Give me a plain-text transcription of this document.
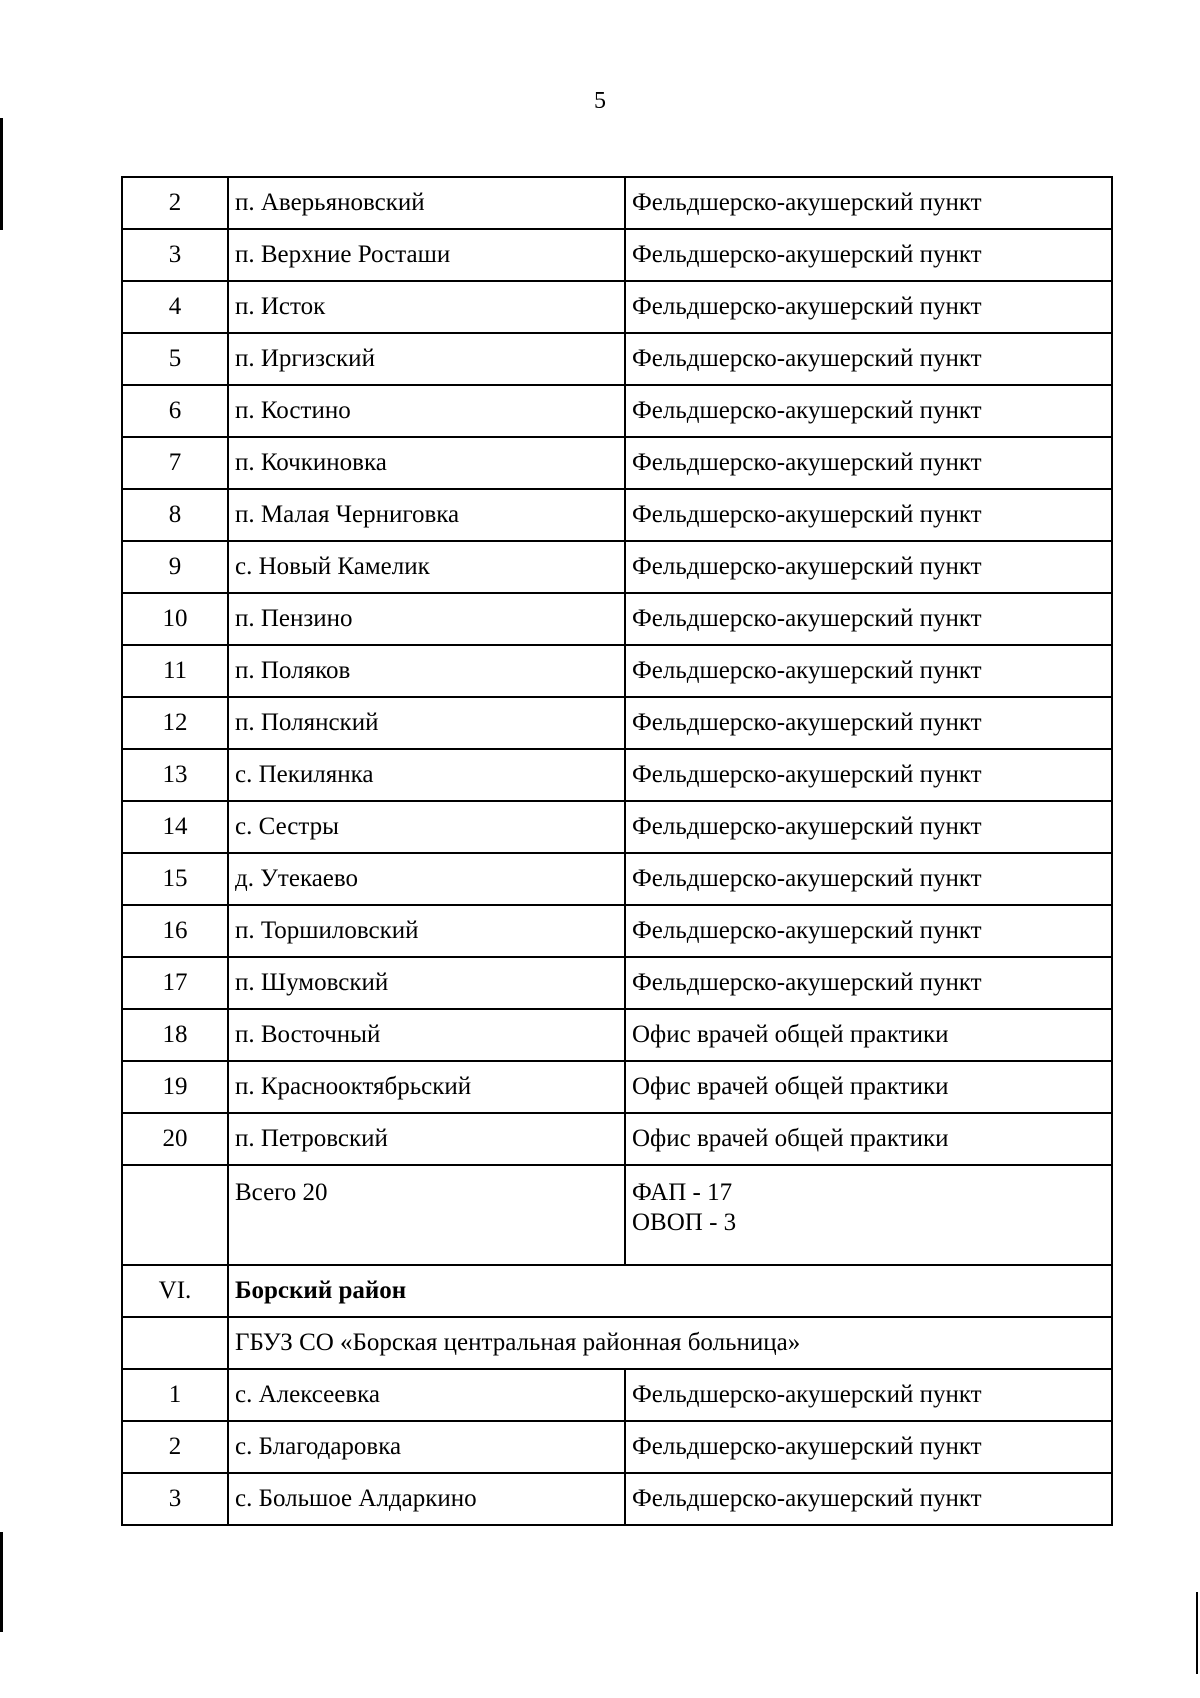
5
2	п. Аверьяновский	Фельдшерско-акушерский пункт
3	п. Верхние Росташи	Фельдшерско-акушерский пункт
4	п. Исток	Фельдшерско-акушерский пункт
5	п. Иргизский	Фельдшерско-акушерский пункт
6	п. Костино	Фельдшерско-акушерский пункт
7	п. Кочкиновка	Фельдшерско-акушерский пункт
8	п. Малая Черниговка	Фельдшерско-акушерский пункт
9	с. Новый Камелик	Фельдшерско-акушерский пункт
10	п. Пензино	Фельдшерско-акушерский пункт
11	п. Поляков	Фельдшерско-акушерский пункт
12	п. Полянский	Фельдшерско-акушерский пункт
13	с. Пекилянка	Фельдшерско-акушерский пункт
14	с. Сестры	Фельдшерско-акушерский пункт
15	д. Утекаево	Фельдшерско-акушерский пункт
16	п. Торшиловский	Фельдшерско-акушерский пункт
17	п. Шумовский	Фельдшерско-акушерский пункт
18	п. Восточный	Офис врачей общей практики
19	п. Краснооктябрьский	Офис врачей общей практики
20	п. Петровский	Офис врачей общей практики
	Всего 20	ФАП - 17
ОВОП - 3

VI.	Борский район	
	ГБУЗ СО «Борская центральная районная больница»	
1	с. Алексеевка	Фельдшерско-акушерский пункт
2	с. Благодаровка	Фельдшерско-акушерский пункт
3	с. Большое Алдаркино	Фельдшерско-акушерский пункт
